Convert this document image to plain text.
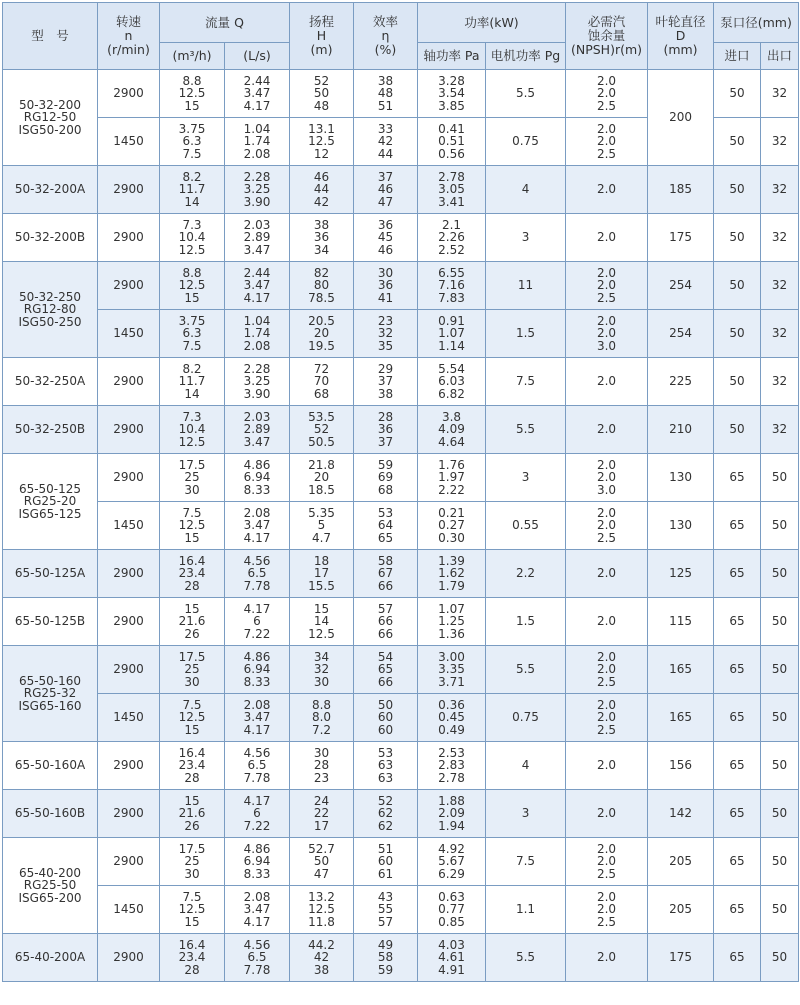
型　号	转速
n
(r/min)	流量 Q		扬程
H
(m)	效率
η
(%)	功率(kW)		必需汽
蚀余量
(NPSH)r(m)	叶轮直径
D
(mm)	泵口径(mm)	
		(m³/h)	(L/s)			轴功率 Pa	电机功率 Pg			进口	出口

50-32-200
RG12-50
ISG50-200	2900	8.8
12.5
15	2.44
3.47
4.17	52
50
48	38
48
51	3.28
3.54
3.85	5.5	2.0
2.0
2.5	200	50	32

	1450	3.75
6.3
7.5	1.04
1.74
2.08	13.1
12.5
12	33
42
44	0.41
0.51
0.56	0.75	2.0
2.0
2.5		50	32

50-32-200A	2900	8.2
11.7
14	2.28
3.25
3.90	46
44
42	37
46
47	2.78
3.05
3.41	4	2.0	185	50	32

50-32-200B	2900	7.3
10.4
12.5	2.03
2.89
3.47	38
36
34	36
45
46	2.1
2.26
2.52	3	2.0	175	50	32

50-32-250
RG12-80
ISG50-250	2900	8.8
12.5
15	2.44
3.47
4.17	82
80
78.5	30
36
41	6.55
7.16
7.83	11	2.0
2.0
2.5	254	50	32

	1450	3.75
6.3
7.5	1.04
1.74
2.08	20.5
20
19.5	23
32
35	0.91
1.07
1.14	1.5	2.0
2.0
3.0	254	50	32

50-32-250A	2900	8.2
11.7
14	2.28
3.25
3.90	72
70
68	29
37
38	5.54
6.03
6.82	7.5	2.0	225	50	32

50-32-250B	2900	7.3
10.4
12.5	2.03
2.89
3.47	53.5
52
50.5	28
36
37	3.8
4.09
4.64	5.5	2.0	210	50	32

65-50-125
RG25-20
ISG65-125	2900	17.5
25
30	4.86
6.94
8.33	21.8
20
18.5	59
69
68	1.76
1.97
2.22	3	2.0
2.0
3.0	130	65	50

	1450	7.5
12.5
15	2.08
3.47
4.17	5.35
5
4.7	53
64
65	0.21
0.27
0.30	0.55	2.0
2.0
2.5	130	65	50

65-50-125A	2900	16.4
23.4
28	4.56
6.5
7.78	18
17
15.5	58
67
66	1.39
1.62
1.79	2.2	2.0	125	65	50

65-50-125B	2900	15
21.6
26	4.17
6
7.22	15
14
12.5	57
66
66	1.07
1.25
1.36	1.5	2.0	115	65	50

65-50-160
RG25-32
ISG65-160	2900	17.5
25
30	4.86
6.94
8.33	34
32
30	54
65
66	3.00
3.35
3.71	5.5	2.0
2.0
2.5	165	65	50

	1450	7.5
12.5
15	2.08
3.47
4.17	8.8
8.0
7.2	50
60
60	0.36
0.45
0.49	0.75	2.0
2.0
2.5	165	65	50

65-50-160A	2900	16.4
23.4
28	4.56
6.5
7.78	30
28
23	53
63
63	2.53
2.83
2.78	4	2.0	156	65	50

65-50-160B	2900	15
21.6
26	4.17
6
7.22	24
22
17	52
62
62	1.88
2.09
1.94	3	2.0	142	65	50

65-40-200
RG25-50
ISG65-200	2900	17.5
25
30	4.86
6.94
8.33	52.7
50
47	51
60
61	4.92
5.67
6.29	7.5	2.0
2.0
2.5	205	65	50

	1450	7.5
12.5
15	2.08
3.47
4.17	13.2
12.5
11.8	43
55
57	0.63
0.77
0.85	1.1	2.0
2.0
2.5	205	65	50

65-40-200A	2900	16.4
23.4
28	4.56
6.5
7.78	44.2
42
38	49
58
59	4.03
4.61
4.91	5.5	2.0	175	65	50
